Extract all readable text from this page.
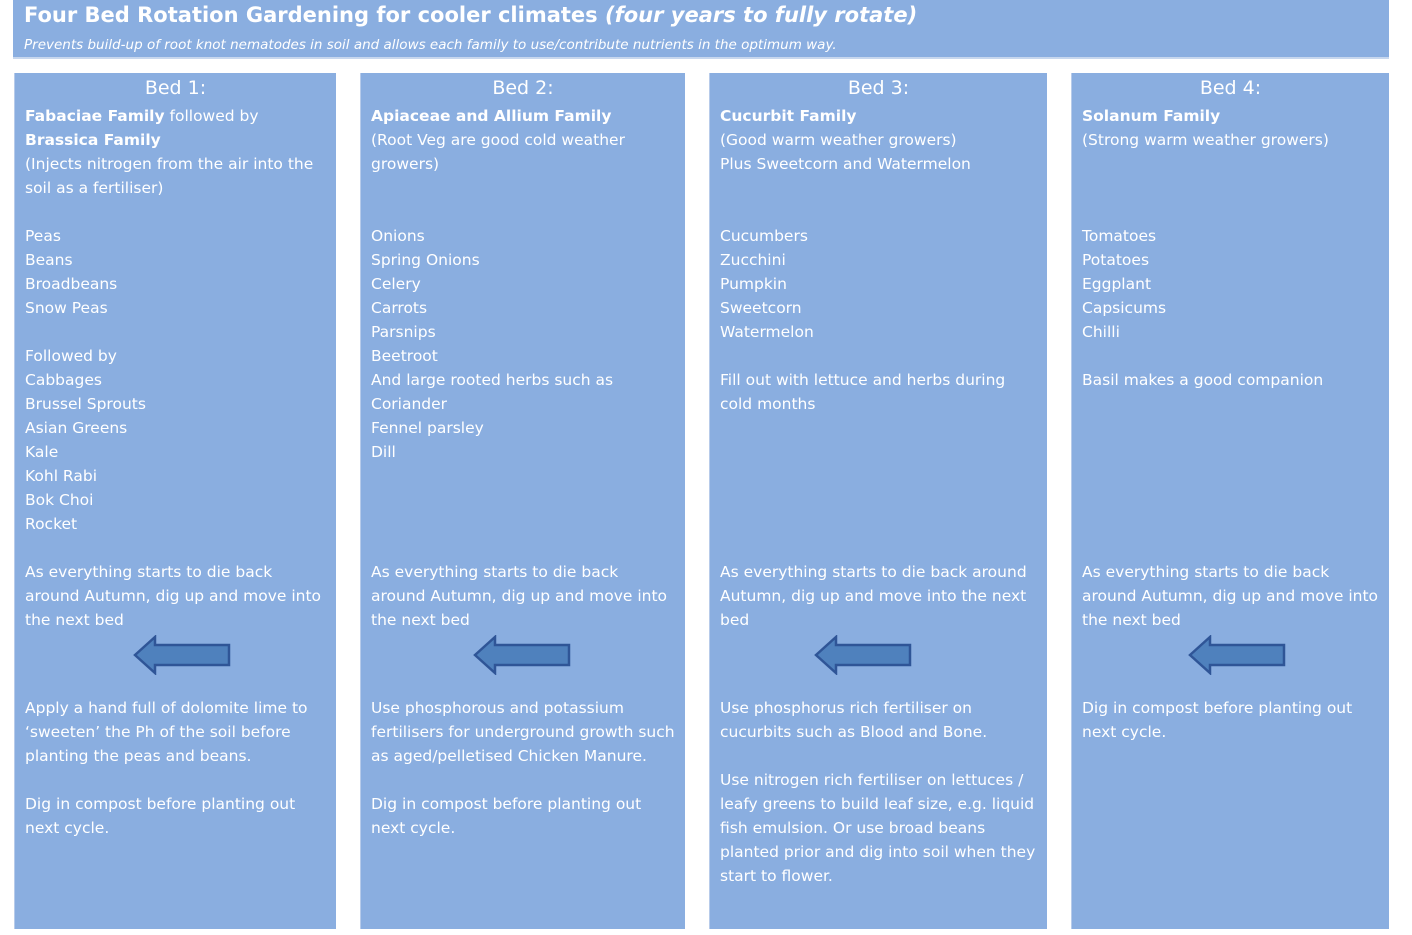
Four Bed Rotation Gardening for cooler climates (four years to fully rotate)
Prevents build-up of root knot nematodes in soil and allows each family to use/contribute nutrients in the optimum way.
Bed 1:

Fabaciae Family followed by

Brassica Family

(Injects nitrogen from the air into the soil as a fertiliser)

Peas

Beans

Broadbeans

Snow Peas

Followed by

Cabbages

Brussel Sprouts

Asian Greens

Kale

Kohl Rabi

Bok Choi

Rocket

As everything starts to die back around Autumn, dig up and move into the next bed

Apply a hand full of dolomite lime to ‘sweeten’ the Ph of the soil before planting the peas and beans.

Dig in compost before planting out next cycle.

Bed 2:

Apiaceae and Allium Family

(Root Veg are good cold weather growers)

Onions

Spring Onions

Celery

Carrots

Parsnips

Beetroot

And large rooted herbs such as

Coriander

Fennel parsley

Dill

As everything starts to die back around Autumn, dig up and move into the next bed

Use phosphorous and potassium fertilisers for underground growth such as aged/pelletised Chicken Manure.

Dig in compost before planting out next cycle.

Bed 3:

Cucurbit Family

(Good warm weather growers)

Plus Sweetcorn and Watermelon

Cucumbers

Zucchini

Pumpkin

Sweetcorn

Watermelon

Fill out with lettuce and herbs during cold months

As everything starts to die back around Autumn, dig up and move into the next bed

Use phosphorus rich fertiliser on cucurbits such as Blood and Bone.

Use nitrogen rich fertiliser on lettuces / leafy greens to build leaf size, e.g. liquid fish emulsion. Or use broad beans planted prior and dig into soil when they start to flower.

Bed 4:

Solanum Family

(Strong warm weather growers)

Tomatoes

Potatoes

Eggplant

Capsicums

Chilli

Basil makes a good companion

As everything starts to die back around Autumn, dig up and move into the next bed

Dig in compost before planting out next cycle.
